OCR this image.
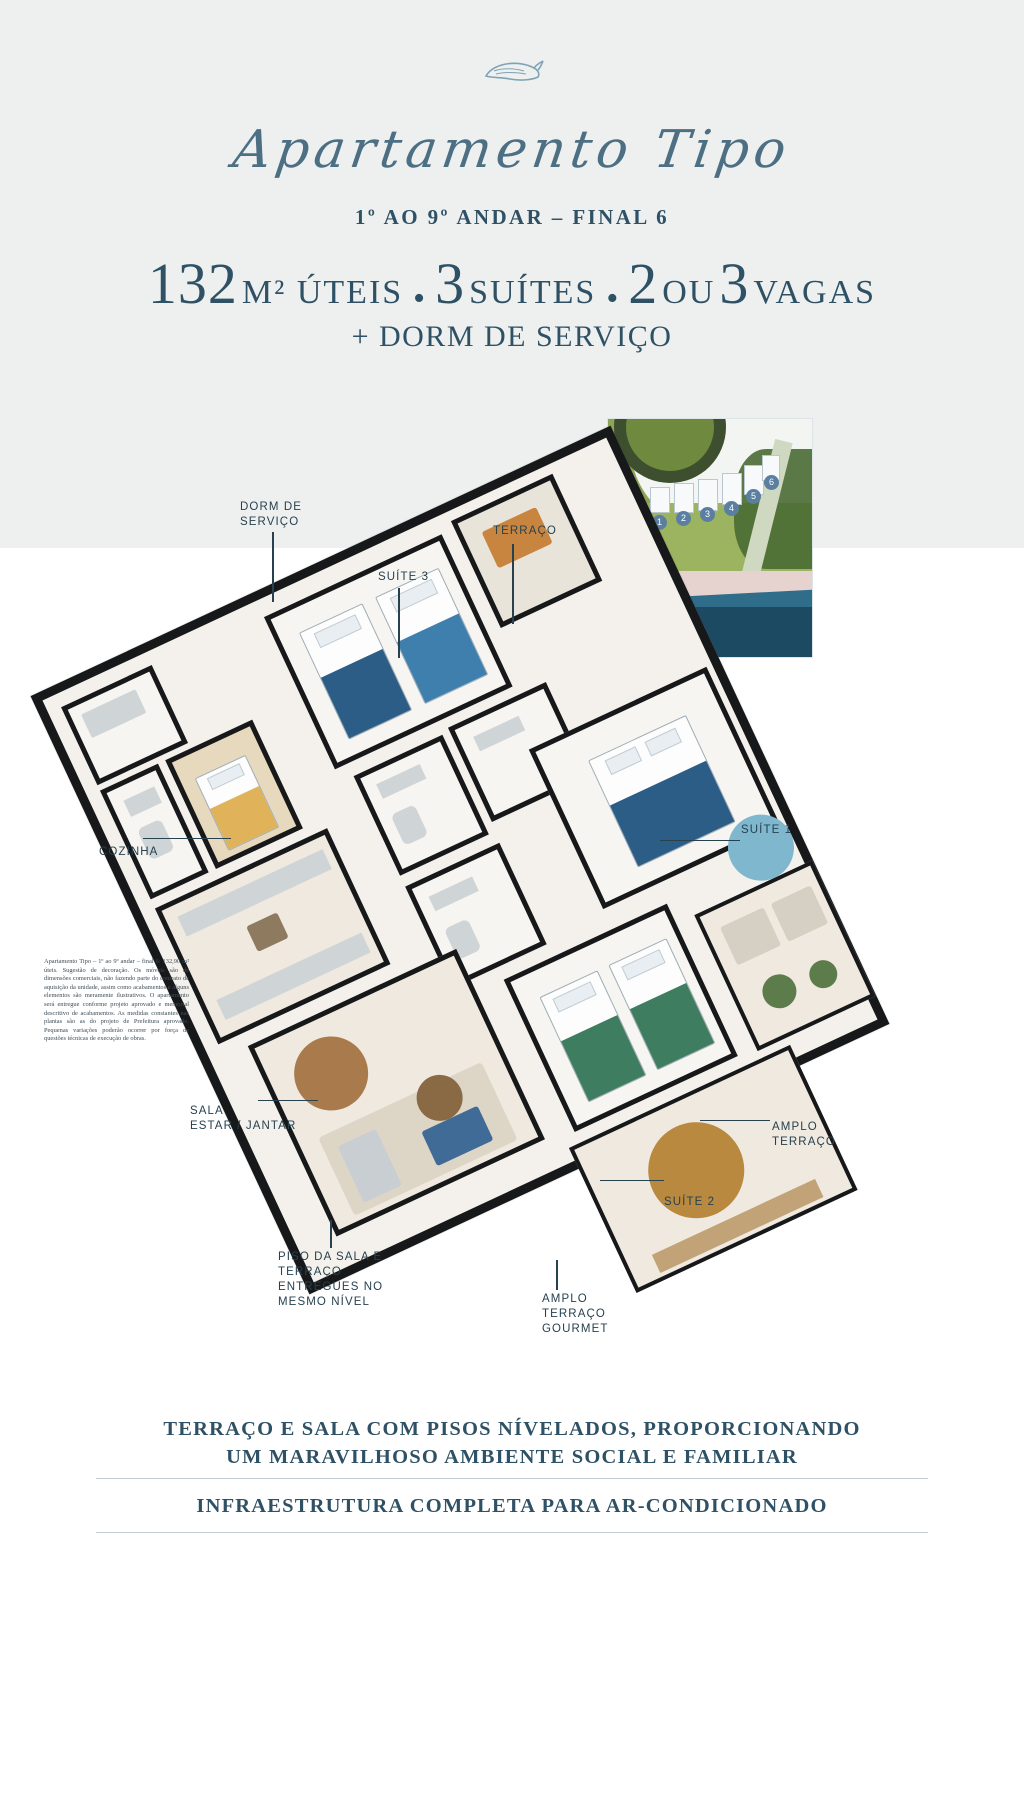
Apartamento Tipo
1º AO 9º ANDAR – FINAL 6
132 M² ÚTEIS • 3 SUÍTES • 2 OU 3 VAGAS
+ DORM DE SERVIÇO
1	2	3
4
5
6
DORM DE
SERVIÇO
TERRAÇO
SUÍTE 3
COZINHA
SUÍTE 1
SALA
ESTAR / JANTAR	AMPLO
TERRAÇO
SUÍTE 2
PISO DA SALA E
TERRAÇO
ENTREGUES NO
MESMO NÍVEL	AMPLO
TERRAÇO
GOURMET
Apartamento Tipo – 1º ao 9º andar – final 6: 132,90 m² úteis. Sugestão de decoração. Os móveis são de dimensões comerciais, não fazendo parte do contrato de aquisição da unidade, assim como acabamentos e alguns elementos são meramente ilustrativos. O apartamento será entregue conforme projeto aprovado e memorial descritivo de acabamentos. As medidas constantes nas plantas são as do projeto de Prefeitura aprovado. Pequenas variações poderão ocorrer por força de questões técnicas de execução de obras.
TERRAÇO E SALA COM PISOS NÍVELADOS, PROPORCIONANDO
UM MARAVILHOSO AMBIENTE SOCIAL E FAMILIAR
INFRAESTRUTURA COMPLETA PARA AR-CONDICIONADO
